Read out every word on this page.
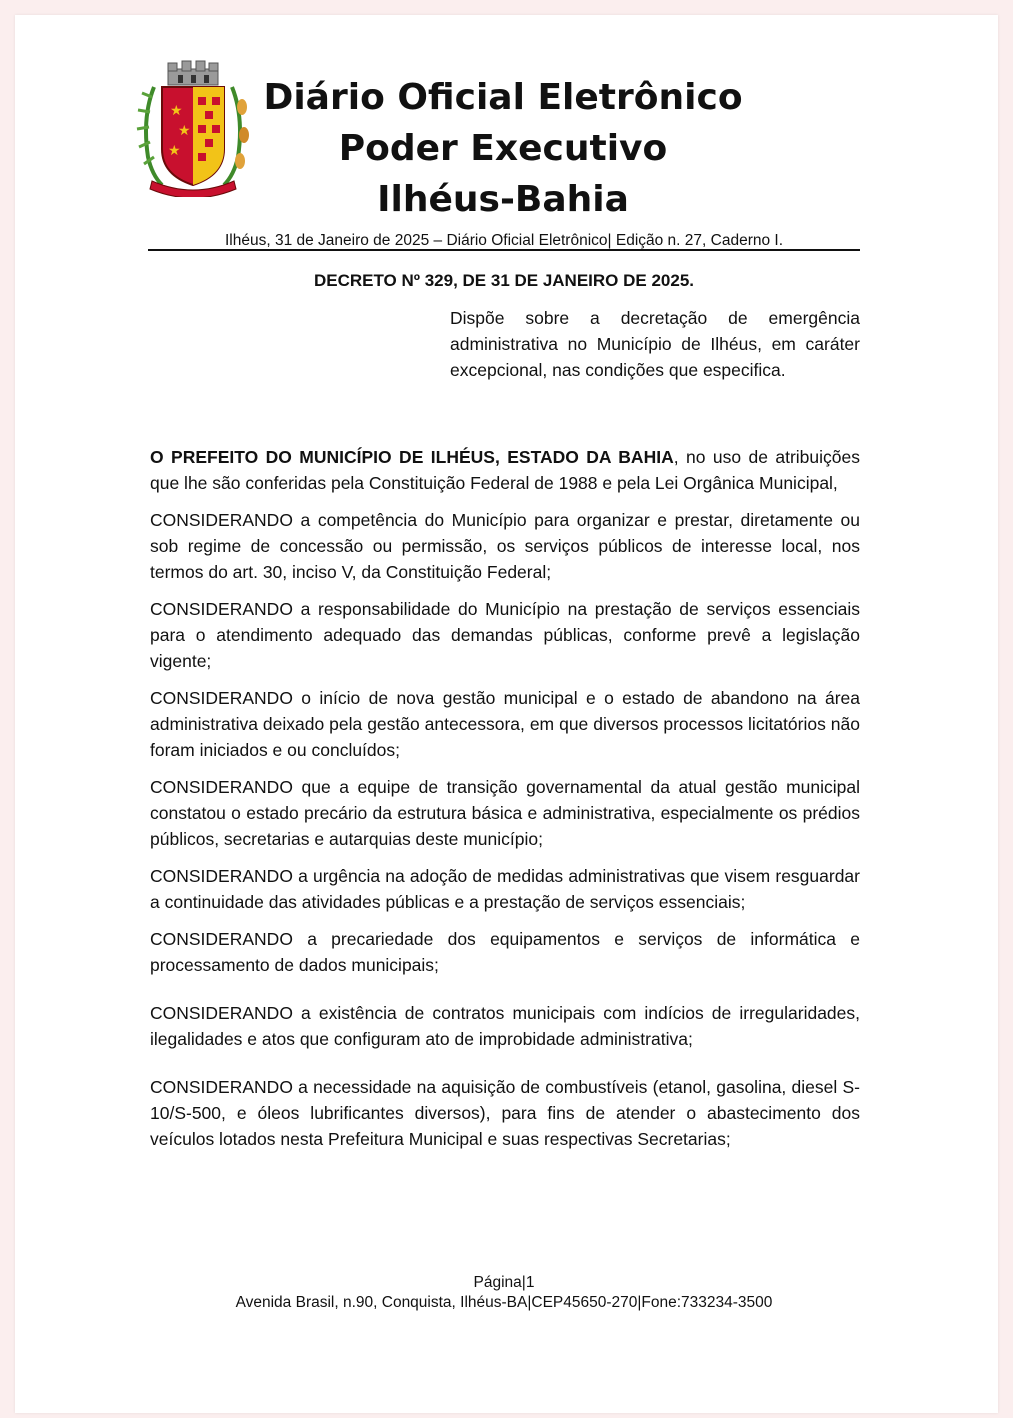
★
★
★
Diário Oficial Eletrônico
Poder Executivo
Ilhéus-Bahia
Ilhéus, 31 de Janeiro de 2025 – Diário Oficial Eletrônico| Edição n. 27, Caderno I.
DECRETO Nº 329, DE 31 DE JANEIRO DE 2025.
Dispõe sobre a decretação de emergência administrativa no Município de Ilhéus, em caráter excepcional, nas condições que especifica.

O PREFEITO DO MUNICÍPIO DE ILHÉUS, ESTADO DA BAHIA, no uso de atribuições que lhe são conferidas pela Constituição Federal de 1988 e pela Lei Orgânica Municipal,

CONSIDERANDO a competência do Município para organizar e prestar, diretamente ou sob regime de concessão ou permissão, os serviços públicos de interesse local, nos termos do art. 30, inciso V, da Constituição Federal;

CONSIDERANDO a responsabilidade do Município na prestação de serviços essenciais para o atendimento adequado das demandas públicas, conforme prevê a legislação vigente;

CONSIDERANDO o início de nova gestão municipal e o estado de abandono na área administrativa deixado pela gestão antecessora, em que diversos processos licitatórios não foram iniciados e ou concluídos;

CONSIDERANDO que a equipe de transição governamental da atual gestão municipal constatou o estado precário da estrutura básica e administrativa, especialmente os prédios públicos, secretarias e autarquias deste município;

CONSIDERANDO a urgência na adoção de medidas administrativas que visem resguardar a continuidade das atividades públicas e a prestação de serviços essenciais;

CONSIDERANDO a precariedade dos equipamentos e serviços de informática e processamento de dados municipais;

CONSIDERANDO a existência de contratos municipais com indícios de irregularidades, ilegalidades e atos que configuram ato de improbidade administrativa;

CONSIDERANDO a necessidade na aquisição de combustíveis (etanol, gasolina, diesel S-10/S-500, e óleos lubrificantes diversos), para fins de atender o abastecimento dos veículos lotados nesta Prefeitura Municipal e suas respectivas Secretarias;

Página|1
Avenida Brasil, n.90, Conquista, Ilhéus-BA|CEP45650-270|Fone:733234-3500
